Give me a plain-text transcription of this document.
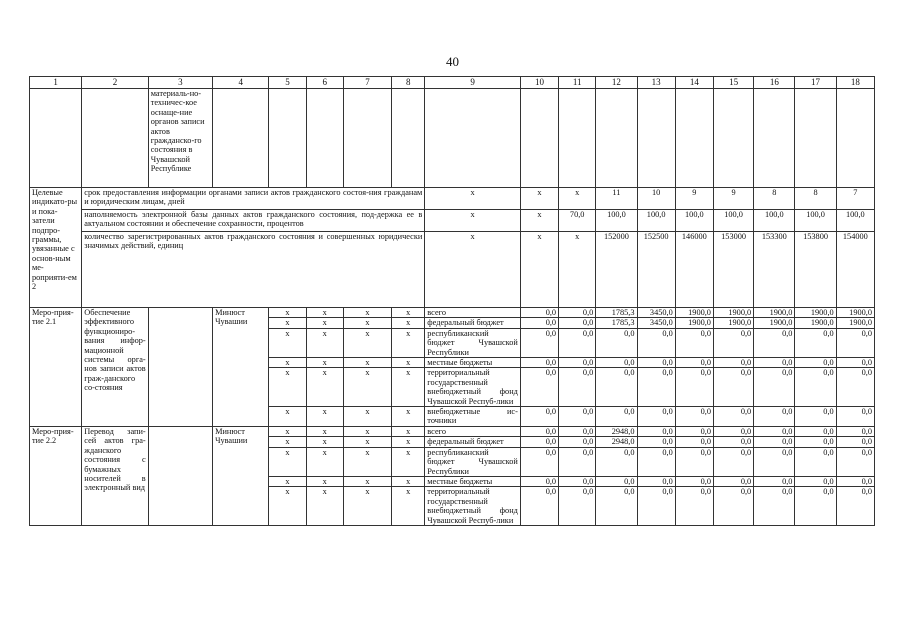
40
1	2	3	4	5	6	7	8	9	10	11	12	13	14	15	16	17	18
		материаль-но-техничес-кое оснаще-ние органов записи актов гражданско-го состояния в Чувашской Республике															
Целевые индикато-ры и пока-затели подпро-граммы, увязанные с основ-ным ме-роприяти-ем 2	срок предоставления информации органами записи актов гражданского состоя-ния гражданам и юридическим лицам, дней							x	x	x	11	10	9	9	8	8	7
	наполняемость электронной базы данных актов гражданского состояния, под-держка ее в актуальном состоянии и обеспечение сохранности, процентов							x	x	70,0	100,0	100,0	100,0	100,0	100,0	100,0	100,0
	количество зарегистрированных актов гражданского состояния и совершенных юридически значимых действий, единиц							x	x	x	152000	152500	146000	153000	153300	153800	154000
Меро-прия-тие 2.1	Обеспечение эффективного функциониро-вания инфор-мационной системы орга-нов записи актов граж-данского со-стояния		Минюст Чувашии	x	x	x	x	всего	0,0	0,0	1785,3	3450,0	1900,0	1900,0	1900,0	1900,0	1900,0
				x	x	x	x	федеральный бюджет	0,0	0,0	1785,3	3450,0	1900,0	1900,0	1900,0	1900,0	1900,0
				x	x	x	x	республиканский бюджет Чувашской Республики	0,0	0,0	0,0	0,0	0,0	0,0	0,0	0,0	0,0
				x	x	x	x	местные бюджеты	0,0	0,0	0,0	0,0	0,0	0,0	0,0	0,0	0,0
				x	x	x	x	территориальный государственный внебюджетный фонд Чувашской Респуб-лики	0,0	0,0	0,0	0,0	0,0	0,0	0,0	0,0	0,0
				x	x	x	x	внебюджетные ис-точники	0,0	0,0	0,0	0,0	0,0	0,0	0,0	0,0	0,0
Меро-прия-тие 2.2	Перевод запи-сей актов гра-жданского состояния с бумажных носителей в электронный вид		Минюст Чувашии	x	x	x	x	всего	0,0	0,0	2948,0	0,0	0,0	0,0	0,0	0,0	0,0
				x	x	x	x	федеральный бюджет	0,0	0,0	2948,0	0,0	0,0	0,0	0,0	0,0	0,0
				x	x	x	x	республиканский бюджет Чувашской Республики	0,0	0,0	0,0	0,0	0,0	0,0	0,0	0,0	0,0
				x	x	x	x	местные бюджеты	0,0	0,0	0,0	0,0	0,0	0,0	0,0	0,0	0,0
				x	x	x	x	территориальный государственный внебюджетный фонд Чувашской Респуб-лики	0,0	0,0	0,0	0,0	0,0	0,0	0,0	0,0	0,0
